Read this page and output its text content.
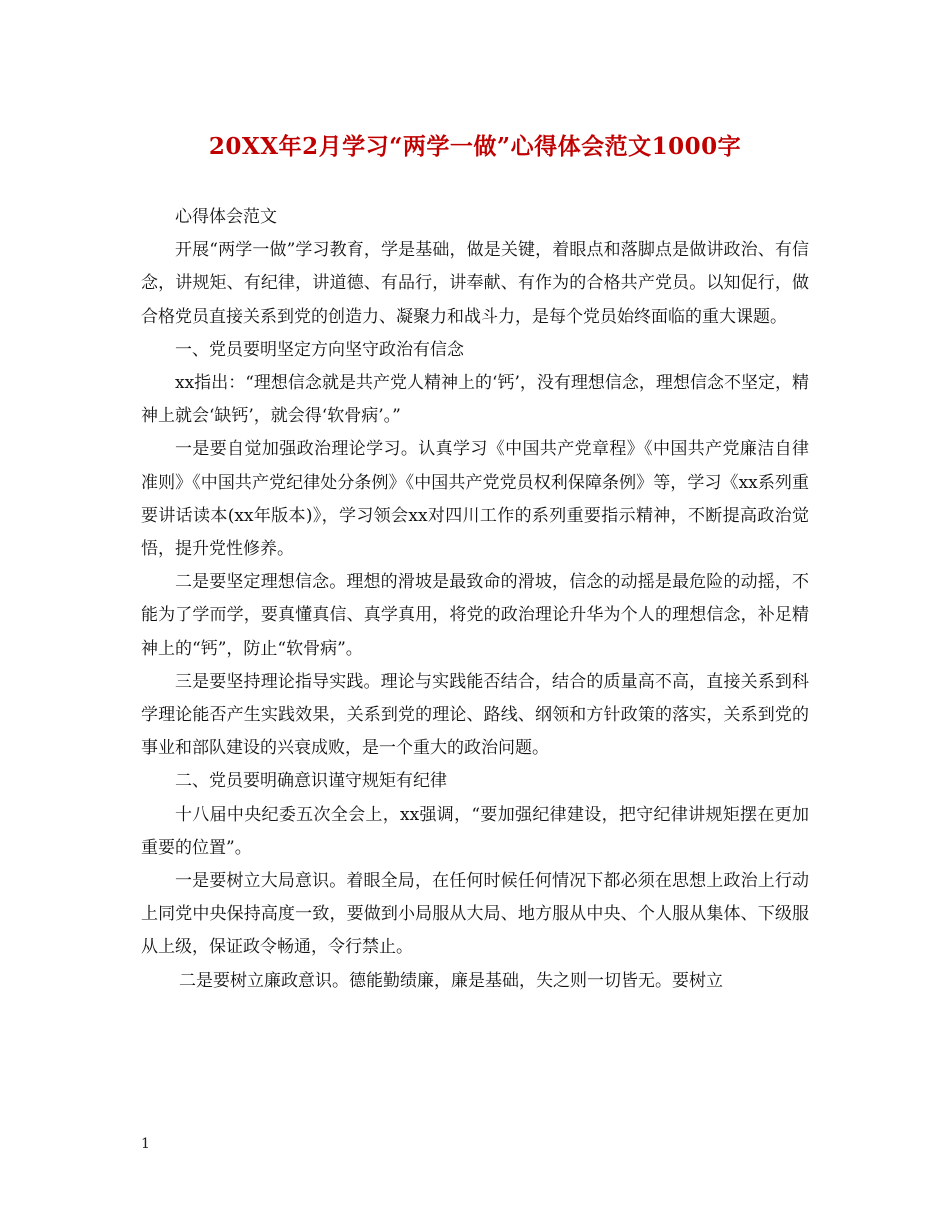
20XX年2月学习“两学一做”心得体会范文1000字

心得体会范文

开展“两学一做”学习教育，学是基础，做是关键，着眼点和落脚点是做讲政治、有信念，讲规矩、有纪律，讲道德、有品行，讲奉献、有作为的合格共产党员。以知促行，做合格党员直接关系到党的创造力、凝聚力和战斗力，是每个党员始终面临的重大课题。

一、党员要明坚定方向坚守政治有信念

xx指出：“理想信念就是共产党人精神上的‘钙’，没有理想信念，理想信念不坚定，精神上就会‘缺钙’，就会得‘软骨病’。”

一是要自觉加强政治理论学习。认真学习《中国共产党章程》《中国共产党廉洁自律准则》《中国共产党纪律处分条例》《中国共产党党员权利保障条例》等，学习《xx系列重要讲话读本(xx年版本)》，学习领会xx对四川工作的系列重要指示精神，不断提高政治觉悟，提升党性修养。

二是要坚定理想信念。理想的滑坡是最致命的滑坡，信念的动摇是最危险的动摇，不能为了学而学，要真懂真信、真学真用，将党的政治理论升华为个人的理想信念，补足精神上的“钙”，防止“软骨病”。

三是要坚持理论指导实践。理论与实践能否结合，结合的质量高不高，直接关系到科学理论能否产生实践效果，关系到党的理论、路线、纲领和方针政策的落实，关系到党的事业和部队建设的兴衰成败，是一个重大的政治问题。

二、党员要明确意识谨守规矩有纪律

十八届中央纪委五次全会上，xx强调，“要加强纪律建设，把守纪律讲规矩摆在更加重要的位置”。

一是要树立大局意识。着眼全局，在任何时候任何情况下都必须在思想上政治上行动上同党中央保持高度一致，要做到小局服从大局、地方服从中央、个人服从集体、下级服从上级，保证政令畅通，令行禁止。

二是要树立廉政意识。德能勤绩廉，廉是基础，失之则一切皆无。要树立

1
